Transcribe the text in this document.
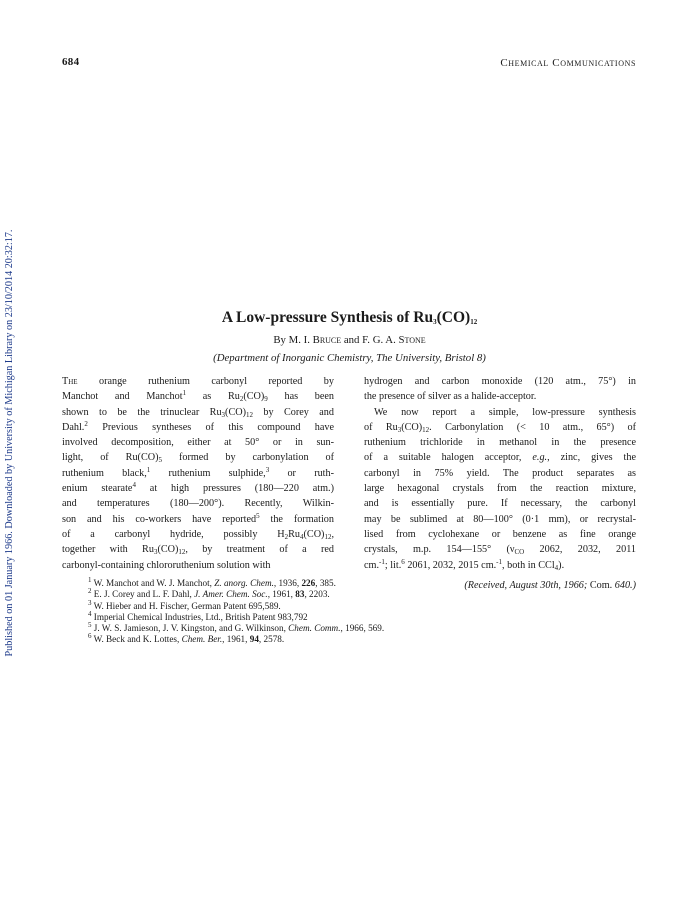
Published on 01 January 1966. Downloaded by University of Michigan Library on 23/10/2014 20:32:17.
684	Chemical Communications
A Low-pressure Synthesis of $Ru_3(CO)_{12}$
By M. I. Bruce and F. G. A. Stone
(Department of Inorganic Chemistry, The University, Bristol 8)
The orange ruthenium carbonyl reported by
Manchot and Manchot$^1$ as $Ru_2(CO)_9$ has been
shown to be the trinuclear $Ru_3(CO)_{12}$ by Corey and
Dahl.$^2$ Previous syntheses of this compound have
involved decomposition, either at 50° or in sun-
light, of $Ru(CO)_5$ formed by carbonylation of
ruthenium black,$^1$ ruthenium sulphide,$^3$ or ruth-
enium stearate$^4$ at high pressures (180—220 atm.)
and temperatures (180—200°). Recently, Wilkin-
son and his co-workers have reported$^5$ the formation
of a carbonyl hydride, possibly $H_2Ru_4(CO)_{12}$,
together with $Ru_3(CO)_{12}$, by treatment of a red
carbonyl-containing chlororuthenium solution with
hydrogen and carbon monoxide (120 atm., 75°) in
the presence of silver as a halide-acceptor.
We now report a simple, low-pressure synthesis
of $Ru_3(CO)_{12}$. Carbonylation (< 10 atm., 65°) of
ruthenium trichloride in methanol in the presence
of a suitable halogen acceptor, e.g., zinc, gives the
carbonyl in 75% yield. The product separates as
large hexagonal crystals from the reaction mixture,
and is essentially pure. If necessary, the carbonyl
may be sublimed at 80—100° (0·1 mm), or recrystal-
lised from cyclohexane or benzene as fine orange
crystals, m.p. 154—155° ($\nu_{CO}$ 2062, 2032, 2011
cm.$^{-1}$; lit.$^6$ 2061, 2032, 2015 cm.$^{-1}$, both in CCl$_4$).
(Received, August 30th, 1966; Com. 640.)
$^1$ W. Manchot and W. J. Manchot, Z. anorg. Chem., 1936, 226, 385.
$^2$ E. J. Corey and L. F. Dahl, J. Amer. Chem. Soc., 1961, 83, 2203.
$^3$ W. Hieber and H. Fischer, German Patent 695,589.
$^4$ Imperial Chemical Industries, Ltd., British Patent 983,792
$^5$ J. W. S. Jamieson, J. V. Kingston, and G. Wilkinson, Chem. Comm., 1966, 569.
$^6$ W. Beck and K. Lottes, Chem. Ber., 1961, 94, 2578.
